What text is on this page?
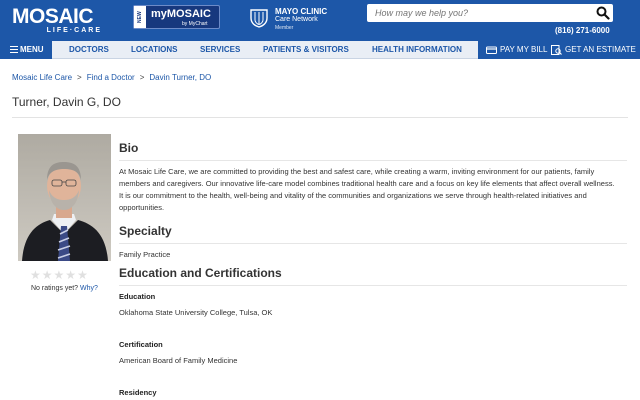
MOSAIC
LIFE·CARE
NEW myMOSAIC
by MyChart
MAYO CLINIC
Care Network
Member
How may we help you?	(816) 271-6000
MENU	DOCTORS	LOCATIONS	SERVICES	PATIENTS & VISITORS	HEALTH INFORMATION	PAY MY BILL GET AN ESTIMATE
Mosaic Life Care > Find a Doctor > Davin Turner, DO
Turner, Davin G, DO
★★★★★
No ratings yet? Why?
Bio
At Mosaic Life Care, we are committed to providing the best and safest care, while creating a warm, inviting environment for our patients, family members and caregivers. Our innovative life-care model combines traditional health care and a focus on key life elements that affect overall wellness. It is our commitment to the health, well-being and vitality of the communities and organizations we serve through health-related initiatives and opportunities.
Specialty
Family Practice
Education and Certifications
Education
Oklahoma State University College, Tulsa, OK
Certification
American Board of Family Medicine
Residency
